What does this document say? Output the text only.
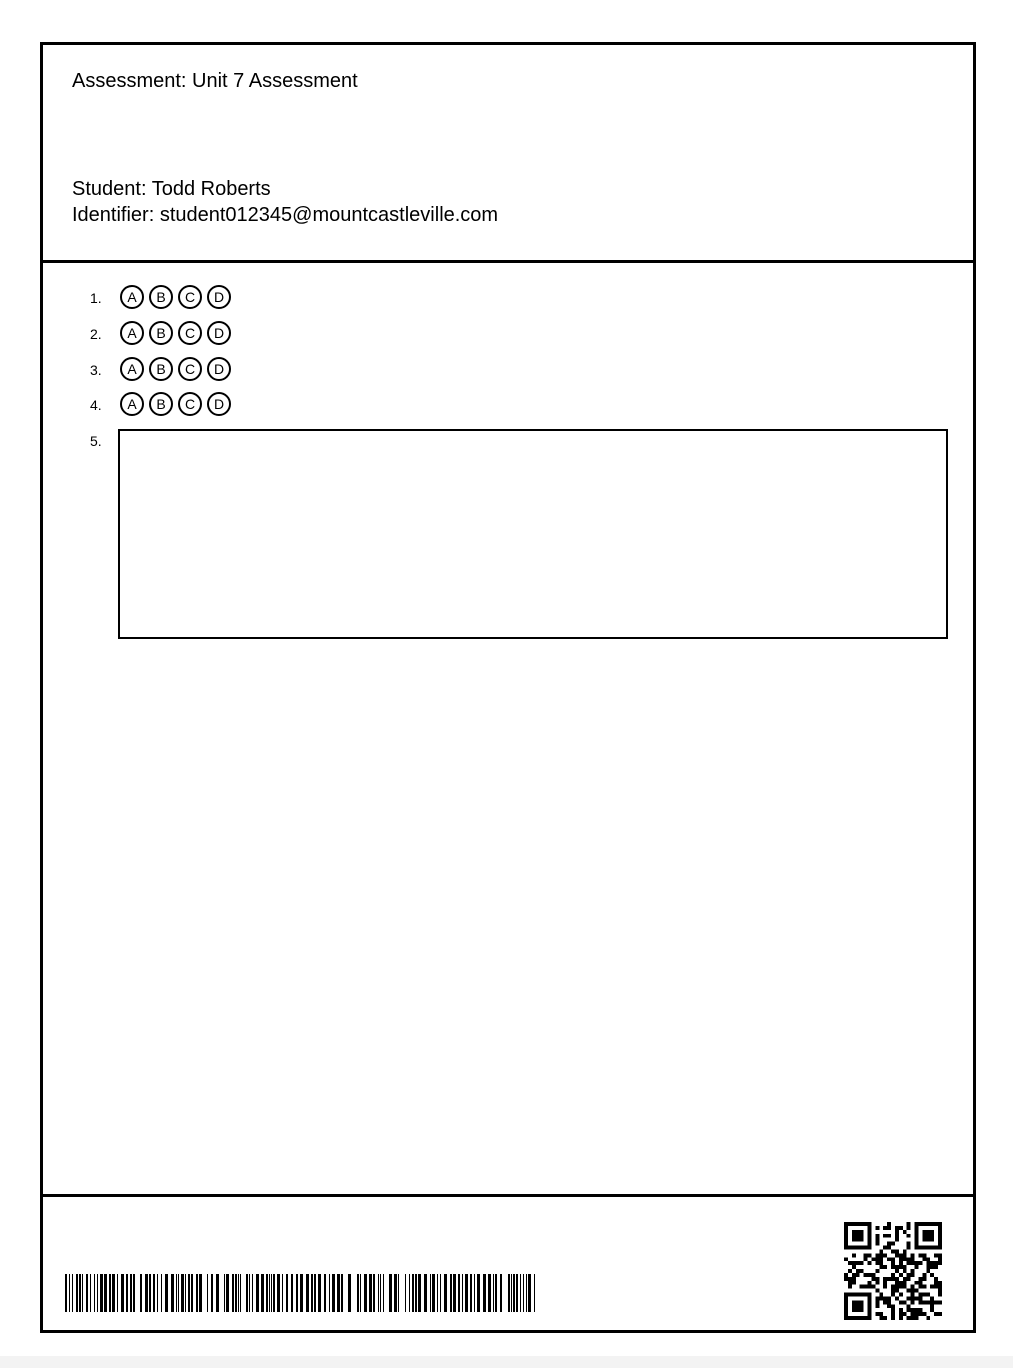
Assessment: Unit 7 Assessment
Student: Todd Roberts
Identifier: student012345@mountcastleville.com
1.	A	B	C	D
2.	A	B	C	D
3.	A	B	C	D
4.	A	B	C	D
5.
